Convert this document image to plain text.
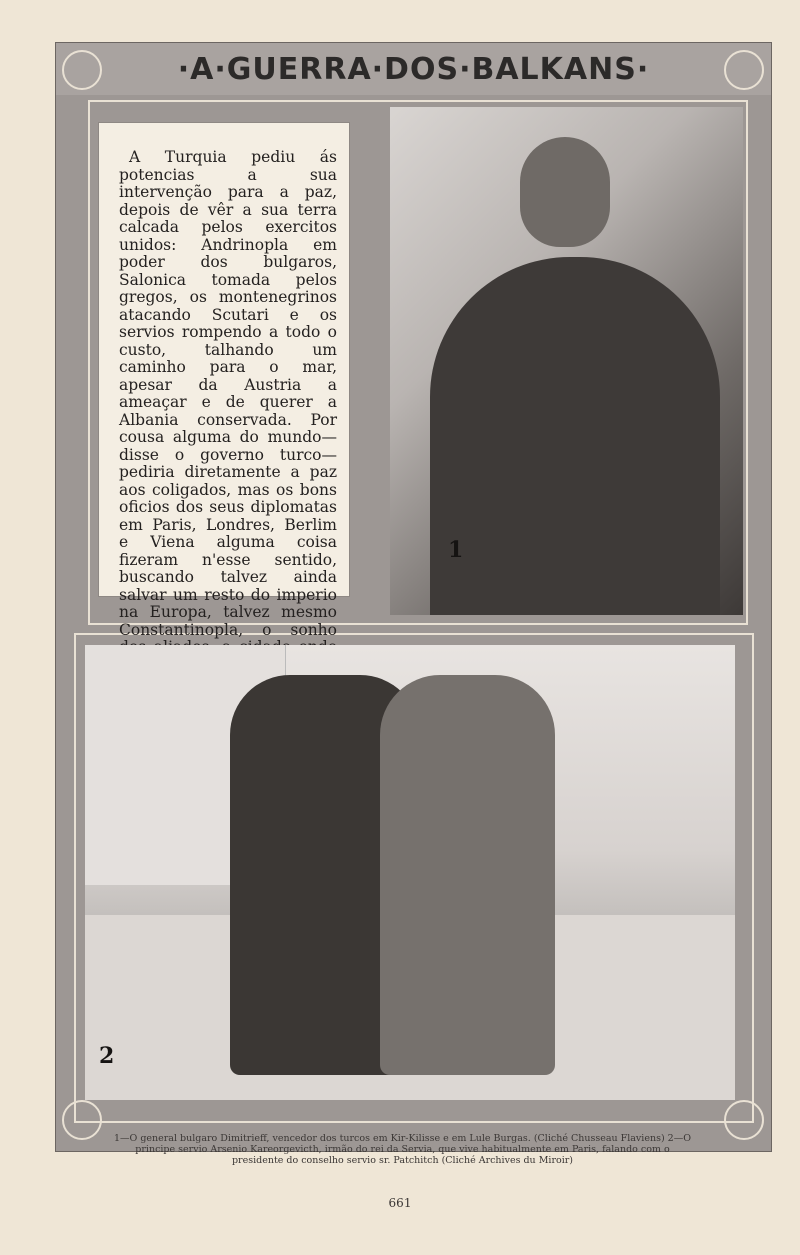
·A·GUERRA·DOS·BALKANS·

A Turquia pediu ás potencias a sua intervenção para a paz, depois de vêr a sua terra calcada pelos exercitos unidos: Andrinopla em poder dos bulgaros, Salonica tomada pelos gregos, os montenegrinos atacando Scutari e os servios rompendo a todo o custo, talhando um caminho para o mar, apesar da Austria a ameaçar e de querer a Albania conservada. Por cousa alguma do mundo—disse o governo turco—pediria diretamente a paz aos coligados, mas os bons oficios dos seus diplomatas em Paris, Londres, Berlim e Viena alguma coisa fizeram n'esse sentido, buscando talvez ainda salvar um resto do imperio na Europa, talvez mesmo Constantinopla, o sonho

1
2
1—O general bulgaro Dimitrieff, vencedor dos turcos em Kir-Kilisse e em Lule Burgas. (Cliché Chusseau Flaviens) 2—O principe servio Arsenio Kareorgevicth, irmão do rei da Servia, que vive habitualmente em Paris, falando com o presidente do conselho servio sr. Patchitch (Cliché Archives du Miroir)
661
